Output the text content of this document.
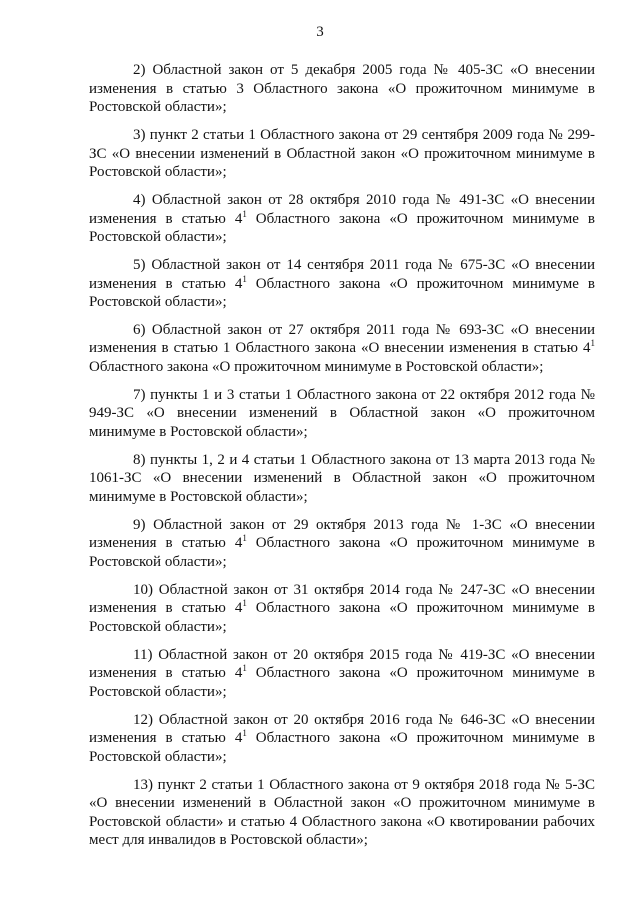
3

2) Областной закон от 5 декабря 2005 года № 405-ЗС «О внесении изменения в статью 3 Областного закона «О прожиточном минимуме в Ростовской области»;

3) пункт 2 статьи 1 Областного закона от 29 сентября 2009 года № 299-ЗС «О внесении изменений в Областной закон «О прожиточном минимуме в Ростовской области»;

4) Областной закон от 28 октября 2010 года № 491-ЗС «О внесении изменения в статью $4^1$ Областного закона «О прожиточном минимуме в Ростовской области»;

5) Областной закон от 14 сентября 2011 года № 675-ЗС «О внесении изменения в статью $4^1$ Областного закона «О прожиточном минимуме в Ростовской области»;

6) Областной закон от 27 октября 2011 года № 693-ЗС «О внесении изменения в статью 1 Областного закона «О внесении изменения в статью $4^1$ Областного закона «О прожиточном минимуме в Ростовской области»;

7) пункты 1 и 3 статьи 1 Областного закона от 22 октября 2012 года № 949-ЗС «О внесении изменений в Областной закон «О прожиточном минимуме в Ростовской области»;

8) пункты 1, 2 и 4 статьи 1 Областного закона от 13 марта 2013 года № 1061-ЗС «О внесении изменений в Областной закон «О прожиточном минимуме в Ростовской области»;

9) Областной закон от 29 октября 2013 года № 1-ЗС «О внесении изменения в статью $4^1$ Областного закона «О прожиточном минимуме в Ростовской области»;

10) Областной закон от 31 октября 2014 года № 247-ЗС «О внесении изменения в статью $4^1$ Областного закона «О прожиточном минимуме в Ростовской области»;

11) Областной закон от 20 октября 2015 года № 419-ЗС «О внесении изменения в статью $4^1$ Областного закона «О прожиточном минимуме в Ростовской области»;

12) Областной закон от 20 октября 2016 года № 646-ЗС «О внесении изменения в статью $4^1$ Областного закона «О прожиточном минимуме в Ростовской области»;

13) пункт 2 статьи 1 Областного закона от 9 октября 2018 года № 5-ЗС «О внесении изменений в Областной закон «О прожиточном минимуме в Ростовской области» и статью 4 Областного закона «О квотировании рабочих мест для инвалидов в Ростовской области»;
